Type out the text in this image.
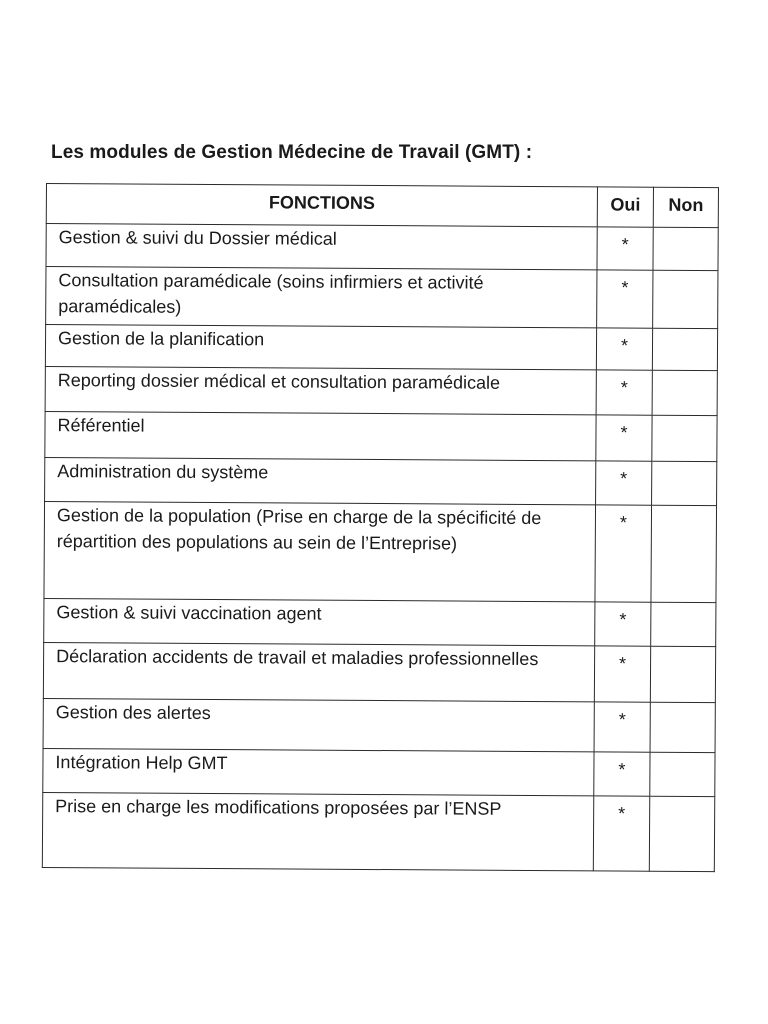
Les modules de Gestion Médecine de Travail (GMT) :
FONCTIONS	Oui	Non
Gestion & suivi du Dossier médical	*	
Consultation paramédicale (soins infirmiers et activité paramédicales)	*	
Gestion de la planification	*	
Reporting dossier médical et consultation paramédicale	*	
Référentiel	*	
Administration du système	*	
Gestion de la population (Prise en charge de la spécificité de répartition des populations au sein de l’Entreprise)	*	
Gestion & suivi vaccination agent	*	
Déclaration accidents de travail et maladies professionnelles	*	
Gestion des alertes	*	
Intégration Help GMT	*	
Prise en charge les modifications proposées par l’ENSP	*	
